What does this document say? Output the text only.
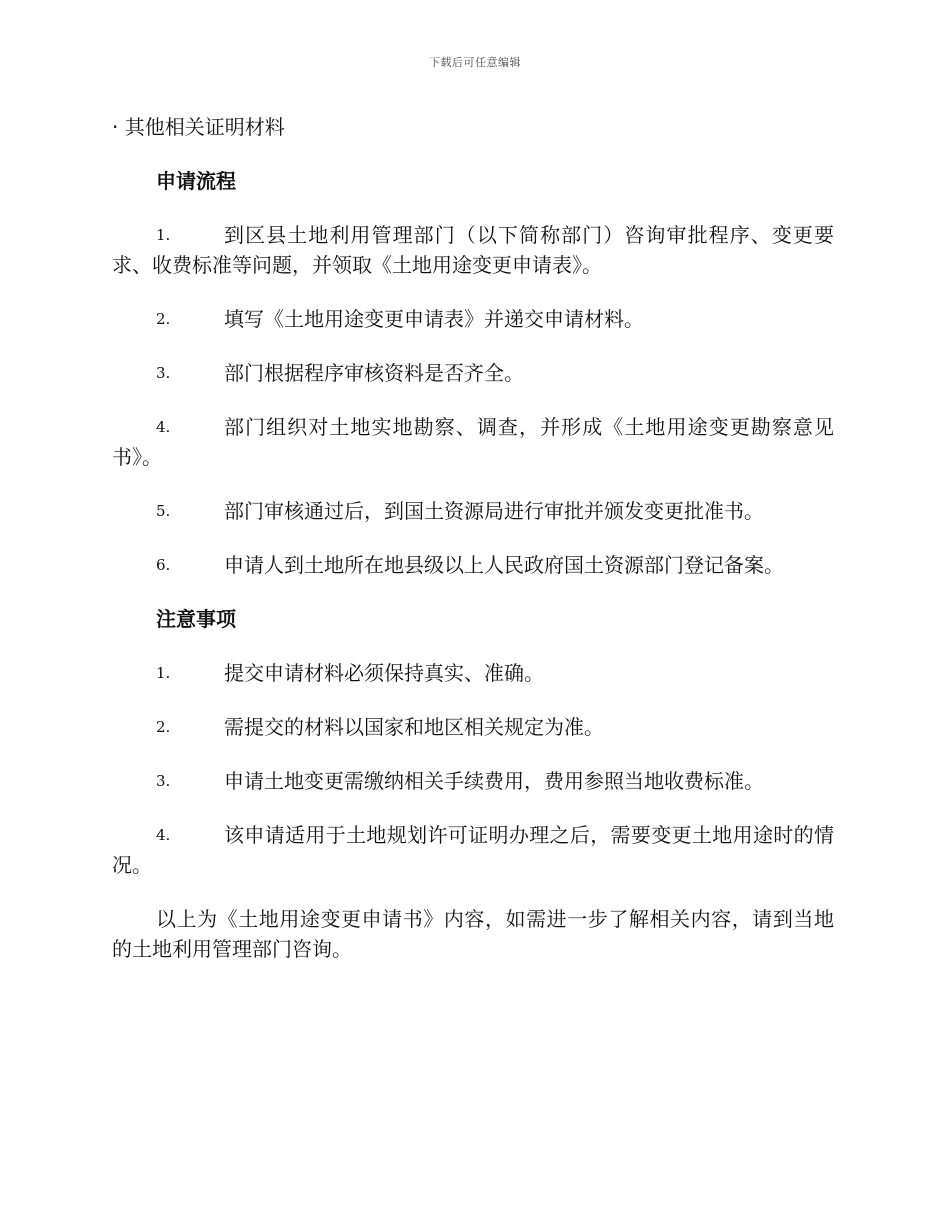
下载后可任意编辑

· 其他相关证明材料

申请流程
1.	到区县土地利用管理部门（以下简称部门）咨询审批程序、变更要求、收费标准等问题，并领取《土地用途变更申请表》。
2.	填写《土地用途变更申请表》并递交申请材料。
3.	部门根据程序审核资料是否齐全。
4.	部门组织对土地实地勘察、调查，并形成《土地用途变更勘察意见书》。
5.	部门审核通过后，到国土资源局进行审批并颁发变更批准书。
6.	申请人到土地所在地县级以上人民政府国土资源部门登记备案。
注意事项
1.	提交申请材料必须保持真实、准确。
2.	需提交的材料以国家和地区相关规定为准。
3.	申请土地变更需缴纳相关手续费用，费用参照当地收费标准。
4.	该申请适用于土地规划许可证明办理之后，需要变更土地用途时的情况。

以上为《土地用途变更申请书》内容，如需进一步了解相关内容，请到当地的土地利用管理部门咨询。
